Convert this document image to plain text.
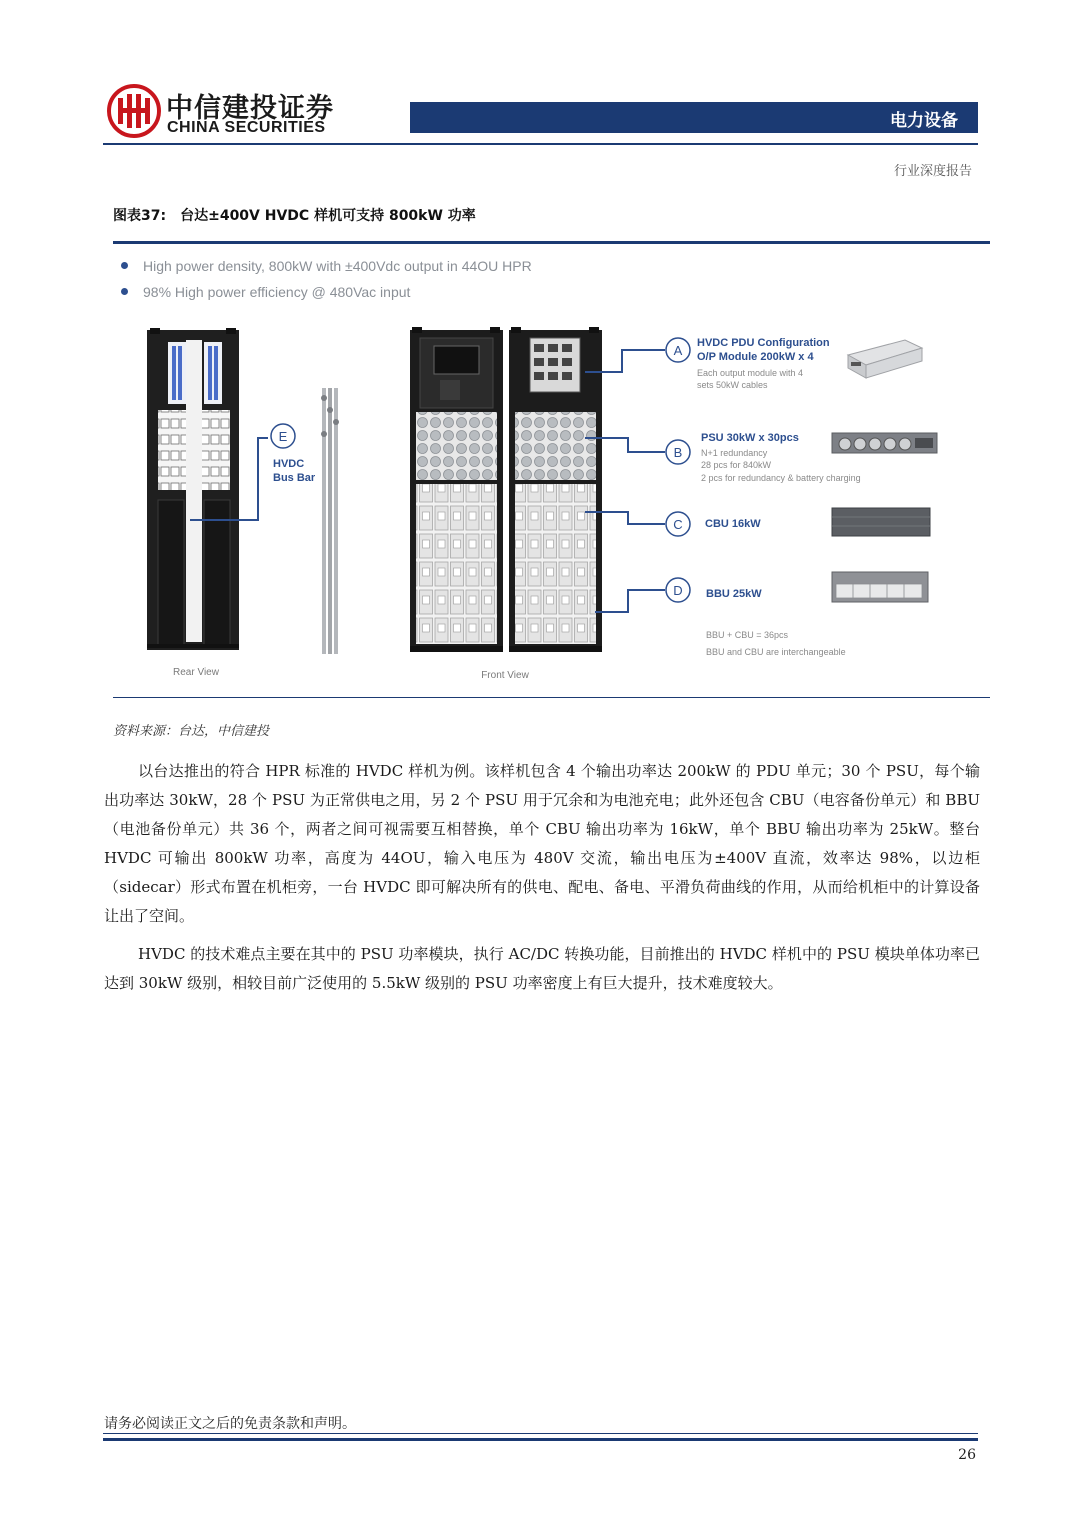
中信建投证券
CHINA SECURITIES	电力设备
行业深度报告
图表37: 台达±400V HVDC 样机可支持 800kW 功率
High power density, 800kW with ±400Vdc output in 44OU HPR
98% High power efficiency @ 480Vac input
Rear View
E
HVDC
Bus Bar
Front View
A HVDC PDU Configuration
O/P Module 200kW x 4
Each output module with 4
sets 50kW cables
B
PSU 30kW x 30pcs
N+1 redundancy
28 pcs for 840kW
2 pcs for redundancy & battery charging
C CBU 16kW
D BBU 25kW
BBU + CBU = 36pcs
BBU and CBU are interchangeable
资料来源：台达，中信建投

以台达推出的符合 HPR 标准的 HVDC 样机为例。该样机包含 4 个输出功率达 200kW 的 PDU 单元；30 个 PSU，每个输出功率达 30kW，28 个 PSU 为正常供电之用，另 2 个 PSU 用于冗余和为电池充电；此外还包含 CBU（电容备份单元）和 BBU（电池备份单元）共 36 个，两者之间可视需要互相替换，单个 CBU 输出功率为 16kW，单个 BBU 输出功率为 25kW。整台 HVDC 可输出 800kW 功率，高度为 44OU，输入电压为 480V 交流，输出电压为±400V 直流，效率达 98%，以边柜（sidecar）形式布置在机柜旁，一台 HVDC 即可解决所有的供电、配电、备电、平滑负荷曲线的作用，从而给机柜中的计算设备让出了空间。

HVDC 的技术难点主要在其中的 PSU 功率模块，执行 AC/DC 转换功能，目前推出的 HVDC 样机中的 PSU 模块单体功率已达到 30kW 级别，相较目前广泛使用的 5.5kW 级别的 PSU 功率密度上有巨大提升，技术难度较大。

请务必阅读正文之后的免责条款和声明。
26
